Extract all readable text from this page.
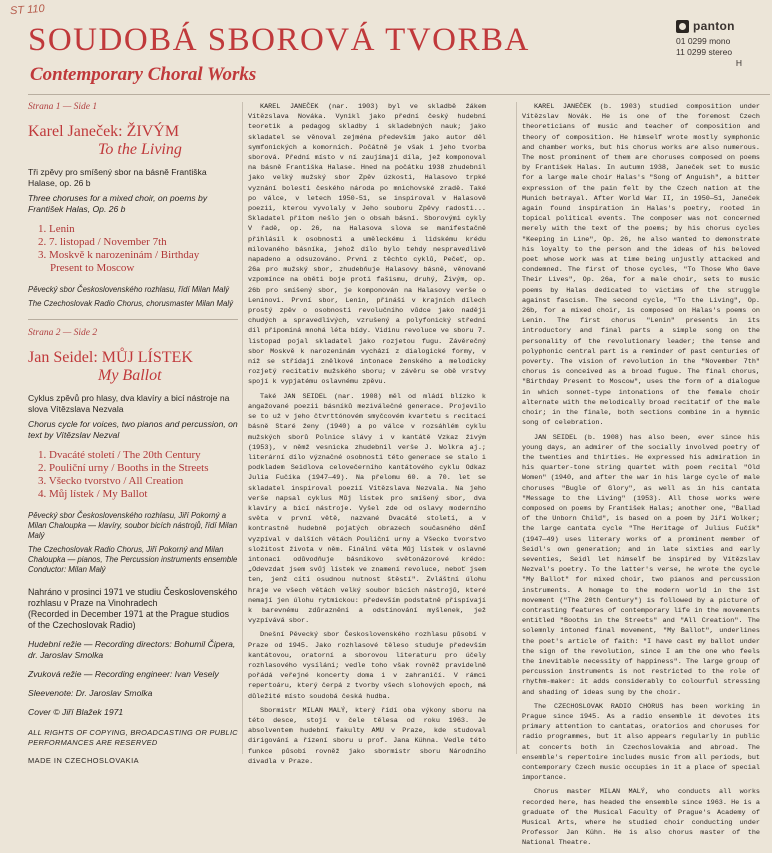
ST 110
SOUDOBÁ SBOROVÁ TVORBA
Contemporary Choral Works
panton
01 0299 mono
11 0299 stereo
H

Strana 1 — Side 1

Karel Janeček: ŽIVÝM

To the Living

Tři zpěvy pro smíšený sbor na básně Františka Halase, op. 26 b

Three choruses for a mixed choir, on poems by František Halas, Op. 26 b

1. Lenin
2. 7. listopad / November 7th
3. Moskvě k narozeninám / Birthday
Present to Moscow

Pěvecký sbor Československého rozhlasu, řídí Milan Malý

The Czechoslovak Radio Chorus, chorusmaster Milan Malý

Strana 2 — Side 2

Jan Seidel: MŮJ LÍSTEK

My Ballot

Cyklus zpěvů pro hlasy, dva klavíry a bicí nástroje na slova Vítězslava Nezvala

Chorus cycle for voices, two pianos and percussion, on text by Vítězslav Nezval

1. Dvacáté století / The 20th Century
2. Pouliční urny / Booths in the Streets
3. Všecko tvorstvo / All Creation
4. Můj lístek / My Ballot

Pěvecký sbor Československého rozhlasu, Jiří Pokorný a Milan Chaloupka — klavíry, soubor bicích nástrojů, řídí Milan Malý

The Czechoslovak Radio Chorus, Jiří Pokorný and Milan Chaloupka — pianos, The Percussion instruments ensemble Conductor: Milan Malý

Nahráno v prosinci 1971 ve studiu Československého rozhlasu v Praze na Vinohradech

(Recorded in December 1971 at the Prague studios of the Czechoslovak Radio)

Hudební režie — Recording directors: Bohumil Čipera, dr. Jaroslav Smolka

Zvuková režie — Recording engineer: Ivan Vesely

Sleevenote: Dr. Jaroslav Smolka

Cover © Jiří Blažek 1971

ALL RIGHTS OF COPYING, BROADCASTING OR PUBLIC PERFORMANCES ARE RESERVED

MADE IN CZECHOSLOVAKIA

KAREL JANEČEK (nar. 1903) byl ve skladbě žákem Vítězslava Nováka. Vynikl jako přední český hudební teoretik a pedagog skladby i skladebných nauk; jako skladatel se věnoval zejména především jako autor děl symfonických a komorních. Počátně je však i jeho tvorba sborová. Přední místo v ní zaujímají díla, jež komponoval na básně Františka Halase. Hned na počátku 1938 zhudebnil jako velký mužský sbor Zpěv úzkosti, Halasovo trpké vyznání bolesti českého národa po mnichovské zradě. Také po válce, v letech 1950-51, se inspiroval v Halasově poezii, kterou vyvolaly v Jeho souboru Zpěvy radosti... Skladatel přitom nešlo jen o obsah básní. Sborovými cykly V řadě, op. 26, na Halasova slova se manifestačně přihlásil k osobnosti a uměleckému i lidskému krédu milovaného básníka, jehož dílo bylo tehdy nespravedlivě napadeno a odsuzováno. První z těchto cyklů, Pečeť, op. 26a pro mužský sbor, zhudebňuje Halasovy básně, věnované vzpomínce na oběti boje proti fašismu, druhý, Živým, op. 26b pro smíšený sbor, je komponován na Halasovy verše o Leninovi. První sbor, Lenin, přináší v krajních dílech prostý zpěv o osobnosti revolučního vůdce jako naději chudých a spravedlivých, vzrušený a polyfonický střední díl připomíná mnohá léta bídy. Vidinu revoluce ve sboru 7. listopad pojal skladatel jako rozjetou fugu. Závěrečný sbor Moskvě k narozeninám vychází z dialogické formy, v níž se střídají znělkové intonace ženského a melodicky rozjetý recitativ mužského sboru; v závěru se obě vrstvy spojí k vypjatému oslavnému zpěvu.

Také JAN SEIDEL (nar. 1908) měl od mládí blízko k angažované poezii básníků meziválečné generace. Projevilo se to už v jeho čtvrttónovém smyčcovém kvartetu s recitací básně Staré ženy (1940) a po válce v rozsáhlém cyklu mužských sborů Polnice slávy i v kantátě Vzkaz živým (1953), v němž vesnicka zhudebnil verše J. Wolkra aj.; literární dílo význačné osobnosti této generace se stalo i podkladem Seidlova celovečerního kantátového cyklu Odkaz Julia Fučíka (1947—49). Na přelomu 60. a 70. let se skladatel inspiroval poezií Vítězslava Nezvala. Na jeho verše napsal cyklus Můj lístek pro smíšený sbor, dva klavíry a bicí nástroje. Vyšel zde od oslavy moderního světa v první větě, nazvané Dvacáté století, a v kontrastně hudebně pojatých obrazech současného děnÍ vyzpíval v dalších větách Pouliční urny a Všecko tvorstvo složitost života v něm. Finální věta Můj lístek v oslavné intonaci odůvodňuje básníkovo světonázorové krédo: „Odevzdat jsem svůj lístek ve znamení revoluce, neboť jsem ten, jenž cítí osudnou nutnost štěstí". Zvláštní úlohu hraje ve všech větách velký soubor bicích nástrojů, které nemají jen úlohu rytmickou: především podstatně přispívají k barevnému zdůraznění a odstínování myšlenek, jež vyzpívává sbor.

Dnešní Pěvecký sbor Československého rozhlasu působí v Praze od 1945. Jako rozhlasové těleso studuje především kantátovou, oratorní a sborovou literaturu pro účely rozhlasového vysílání; vedle toho však rovněž pravidelně pořádá veřejné koncerty doma i v zahraničí. V rámci repertoáru, který čerpá z tvorby všech slohových epoch, má důležité místo soudobá česká hudba.

Sbormistr MILAN MALÝ, který řídí oba výkony sboru na této desce, stojí v čele tělesa od roku 1963. Je absolventem hudební fakulty AMU v Praze, kde studoval dirigování a řízení sboru u prof. Jana Kühna. Vedle této funkce působí rovněž jako sbormistr sboru Národního divadla v Praze.

KAREL JANEČEK (b. 1903) studied composition under Vítězslav Novák. He is one of the foremost Czech theoreticians of music and teacher of composition and theory of composition. He himself wrote mostly symphonic and chamber works, but his chorus works are also numerous. The most prominent of them are choruses composed on poems by František Halas. In autumn 1938, Janeček set to music for a large male choir Halas's "Song of Anguish", a bitter expression of the pain felt by the Czech nation at the Munich betrayal. After World War II, in 1950—51, Janeček again found inspiration in Halas's poetry, rooted in topical political events. The composer was not concerned merely with the text of the poems; by his chorus cycles "Keeping in Line", Op. 26, he also wanted to demonstrate his loyalty to the person and the ideas of his beloved poet whose work was at time being unjustly attacked and condemned. The first of those cycles, "To Those Who Gave Their Lives", Op. 26a, for a male choir, sets to music poems by Halas dedicated to victims of the struggle against fascism. The second cycle, "To the Living", Op. 26b, for a mixed choir, is composed on Halas's poems on Lenin. The first chorus "Lenin" presents in its introductory and final parts a simple song on the personality of the revolutionary leader; the tense and polyphonic central part is a reminder of past centuries of poverty. The vision of revolution in the "November 7th" chorus is conceived as a broad fugue. The final chorus, "Birthday Present to Moscow", uses the form of a dialogue in which sonnet-type intonations of the female choir alternate with the melodically broad recitatif of the male choir; in the finale, both sections combine in a hymnic song of celebration.

JAN SEIDEL (b. 1908) has also been, ever since his young days, an admirer of the socially involved poetry of the twenties and thirties. He expressed his admiration in his quarter-tone string quartet with poem recital "Old Women" (1940, and after the war in his large cycle of male choruses "Bugle of Glory", as well as in his cantata "Message to the Living" (1953). All those works were composed on poems by František Halas; another one, "Ballad of the Unborn Child", is based on a poem by Jiří Wolker; the large cantata cycle "The Heritage of Julius Fučík" (1947—49) uses literary works of a prominent member of Seidl's own generation; and in late sixties and early seventies, Seidl let himself be inspired by Vítězslav Nezval's poetry. To the latter's verse, he wrote the cycle "My Ballot" for mixed choir, two pianos and percussion instruments. A homage to the modern world in the 1st movement ("The 20th Century") is followed by a picture of contrasting features of contemporary life in the movements entitled "Booths in the Streets" and "All Creation". The solemnly intoned final movement, "My Ballot", underlines the poet's article of faith: "I have cast my ballot under the sign of the revolution, since I am the one who feels the inevitable necessity of happiness". The large group of percussion instruments is not restricted to the role of rhythm-maker: it adds considerably to colourful stressing and shading of ideas sung by the choir.

The CZECHOSLOVAK RADIO CHORUS has been working in Prague since 1945. As a radio ensemble it devotes its primary attention to cantatas, oratorios and choruses for radio programmes, but it also appears regularly in public at concerts both in Czechoslovakia and abroad. The ensemble's repertoire includes music from all periods, but contemporary Czech music occupies in it a place of special importance.

Chorus master MILAN MALÝ, who conducts all works recorded here, has headed the ensemble since 1963. He is a graduate of the Musical Faculty of Prague's Academy of Musical Arts, where he studied choir conducting under Professor Jan Kühn. He is also chorus master of the National Theatre.
